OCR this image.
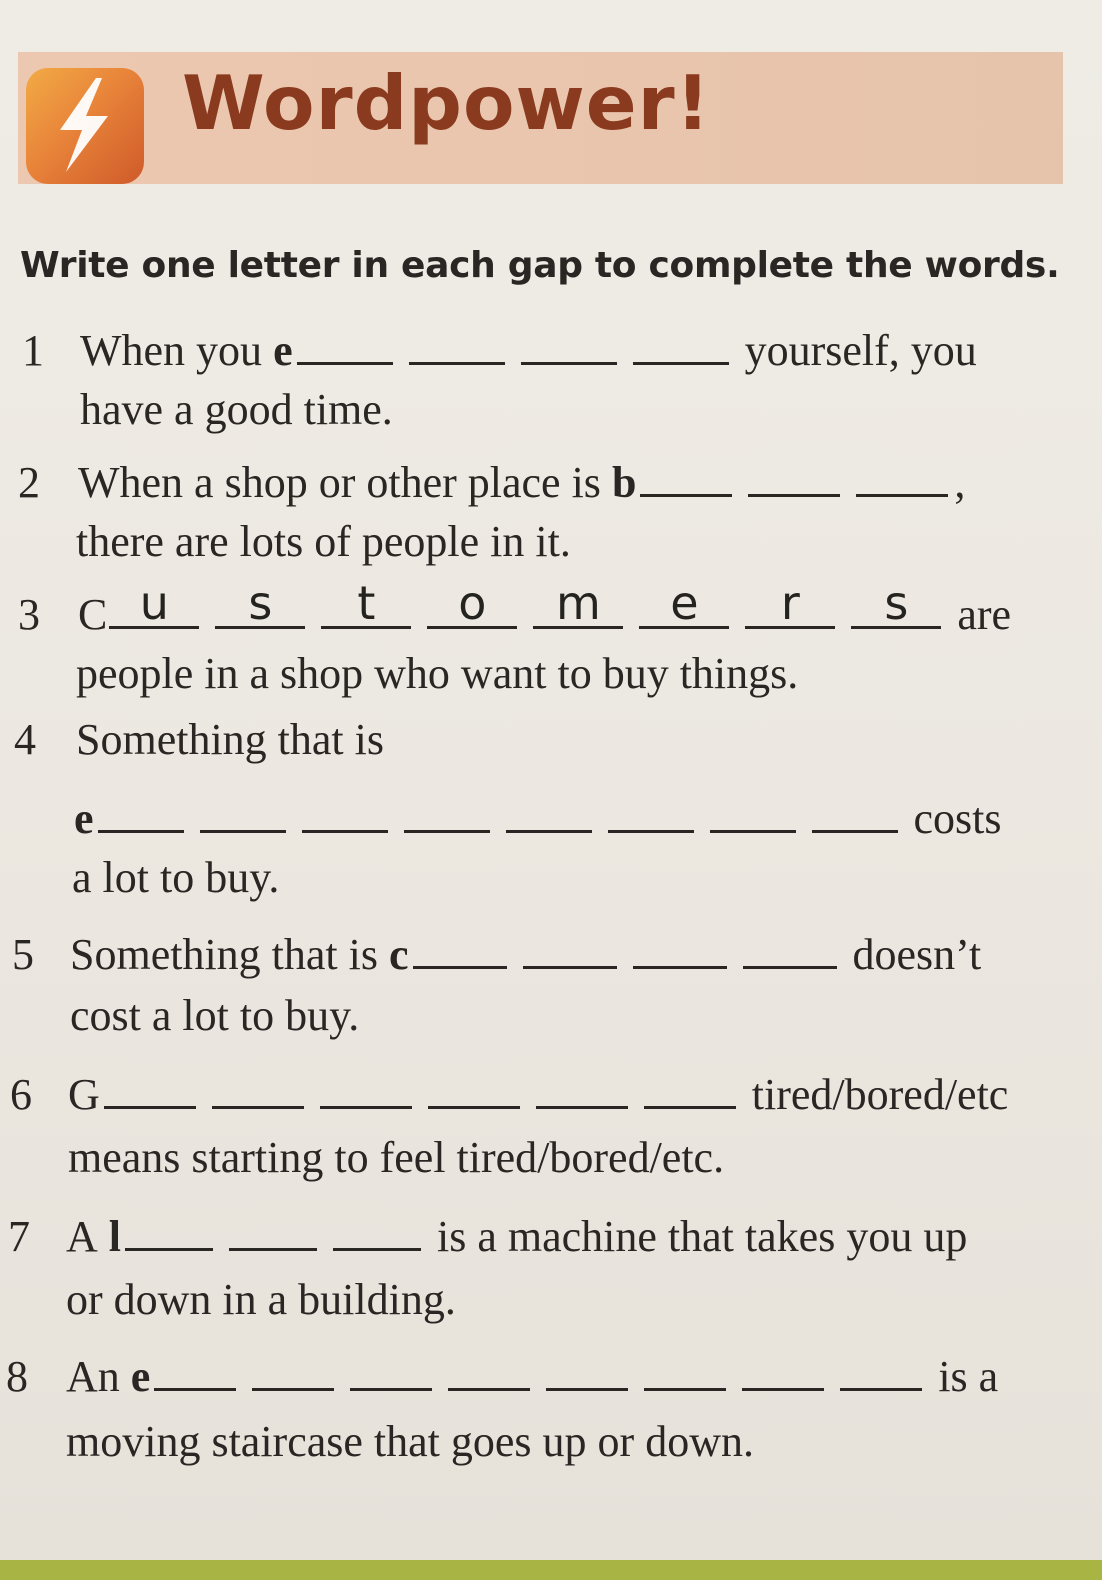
Wordpower!

Write one letter in each gap to complete the words.

1 When you
e	yourself, you
have a good time.
2 When a shop or other place is
b	,
there are lots of people in it.
3 C u	s	t	o	m	e	r	s	are
people in a shop who want to buy things.
4 Something that is
e	costs
a lot to buy.
5 Something that is
c	doesn’t
cost a lot to buy.
6 G	tired/bored/etc
means starting to feel tired/bored/etc.
7 A
l	is a machine that takes you up
or down in a building.
8 An
e	is a
moving staircase that goes up or down.
